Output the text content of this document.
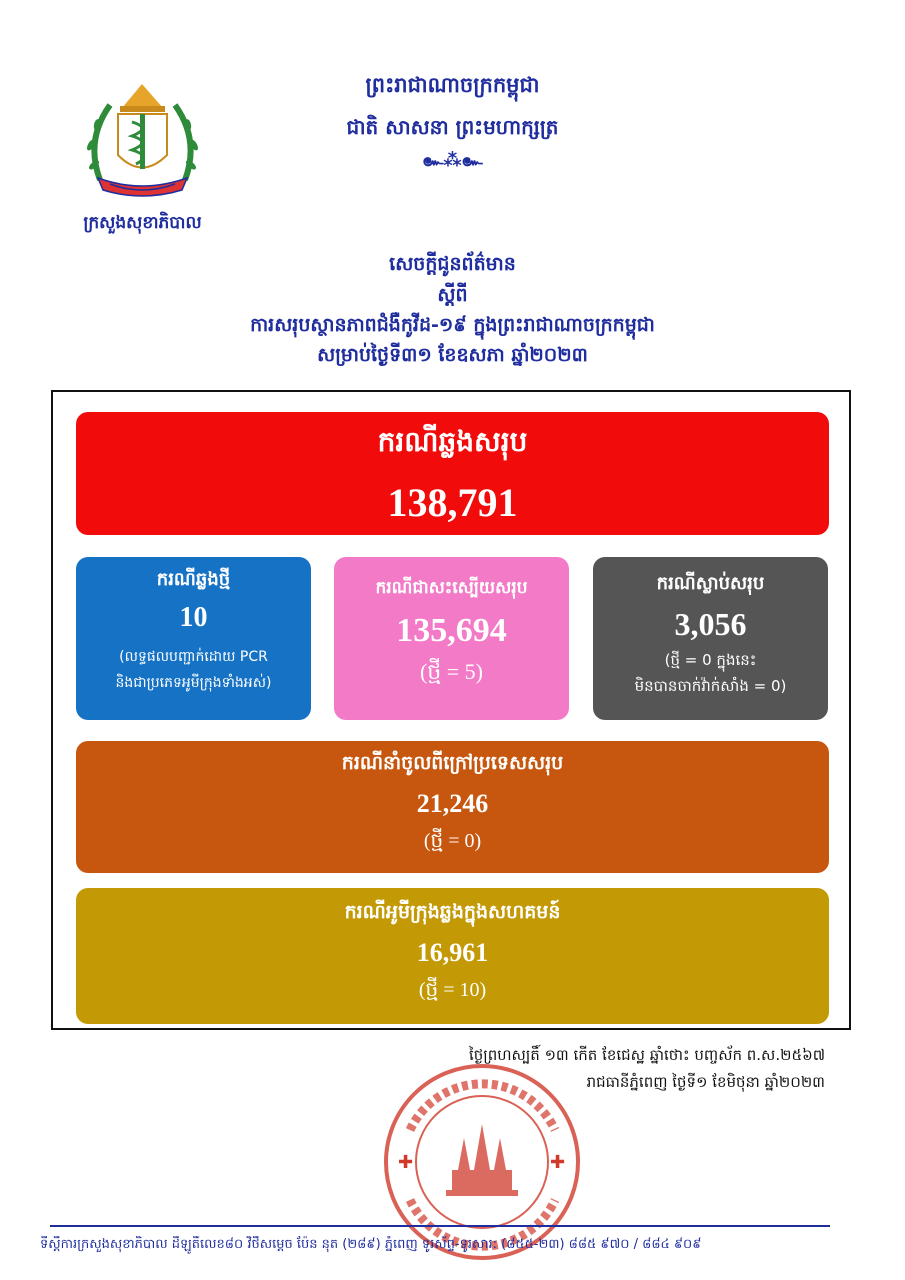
ក្រសួងសុខាភិបាល
ព្រះរាជាណាចក្រកម្ពុជា
ជាតិ សាសនា ព្រះមហាក្សត្រ
๛⁂๛
សេចក្តីជូនព័ត៌មាន
ស្តីពី
ការសរុបស្ថានភាពជំងឺកូវីដ-១៩ ក្នុងព្រះរាជាណាចក្រកម្ពុជា
សម្រាប់ថ្ងៃទី៣១ ខែឧសភា ឆ្នាំ២០២៣
ករណីឆ្លងសរុប
138,791
ករណីឆ្លងថ្មី
10
(លទ្ធផលបញ្ជាក់ដោយ PCR
និងជាប្រភេទអូមីក្រុងទាំងអស់)
ករណីជាសះស្បើយសរុប
135,694
(ថ្មី = 5)
ករណីស្លាប់សរុប
3,056
(ថ្មី = 0 ក្នុងនេះ
មិនបានចាក់វ៉ាក់សាំង = 0)
ករណីនាំចូលពីក្រៅប្រទេសសរុប
21,246
(ថ្មី = 0)
ករណីអូមីក្រុងឆ្លងក្នុងសហគមន៍
16,961
(ថ្មី = 10)
✚	✚
ថ្ងៃព្រហស្បតិ៍ ១៣ កើត ខែជេស្ឋ ឆ្នាំថោះ បញ្ចស័ក ព.ស.២៥៦៧
រាជធានីភ្នំពេញ ថ្ងៃទី១ ខែមិថុនា ឆ្នាំ២០២៣
ទីស្តីការក្រសួងសុខាភិបាល ដីឡូតិ៍លេខ៨០ វិថីសម្តេច ប៉ែន នុត (២៨៩) ភ្នំពេញ ទូរស័ព្ទ-ទូរសារ: (៨៥៥-២៣) ៨៨៥ ៩៧០ / ៨៨៤ ៩០៩
